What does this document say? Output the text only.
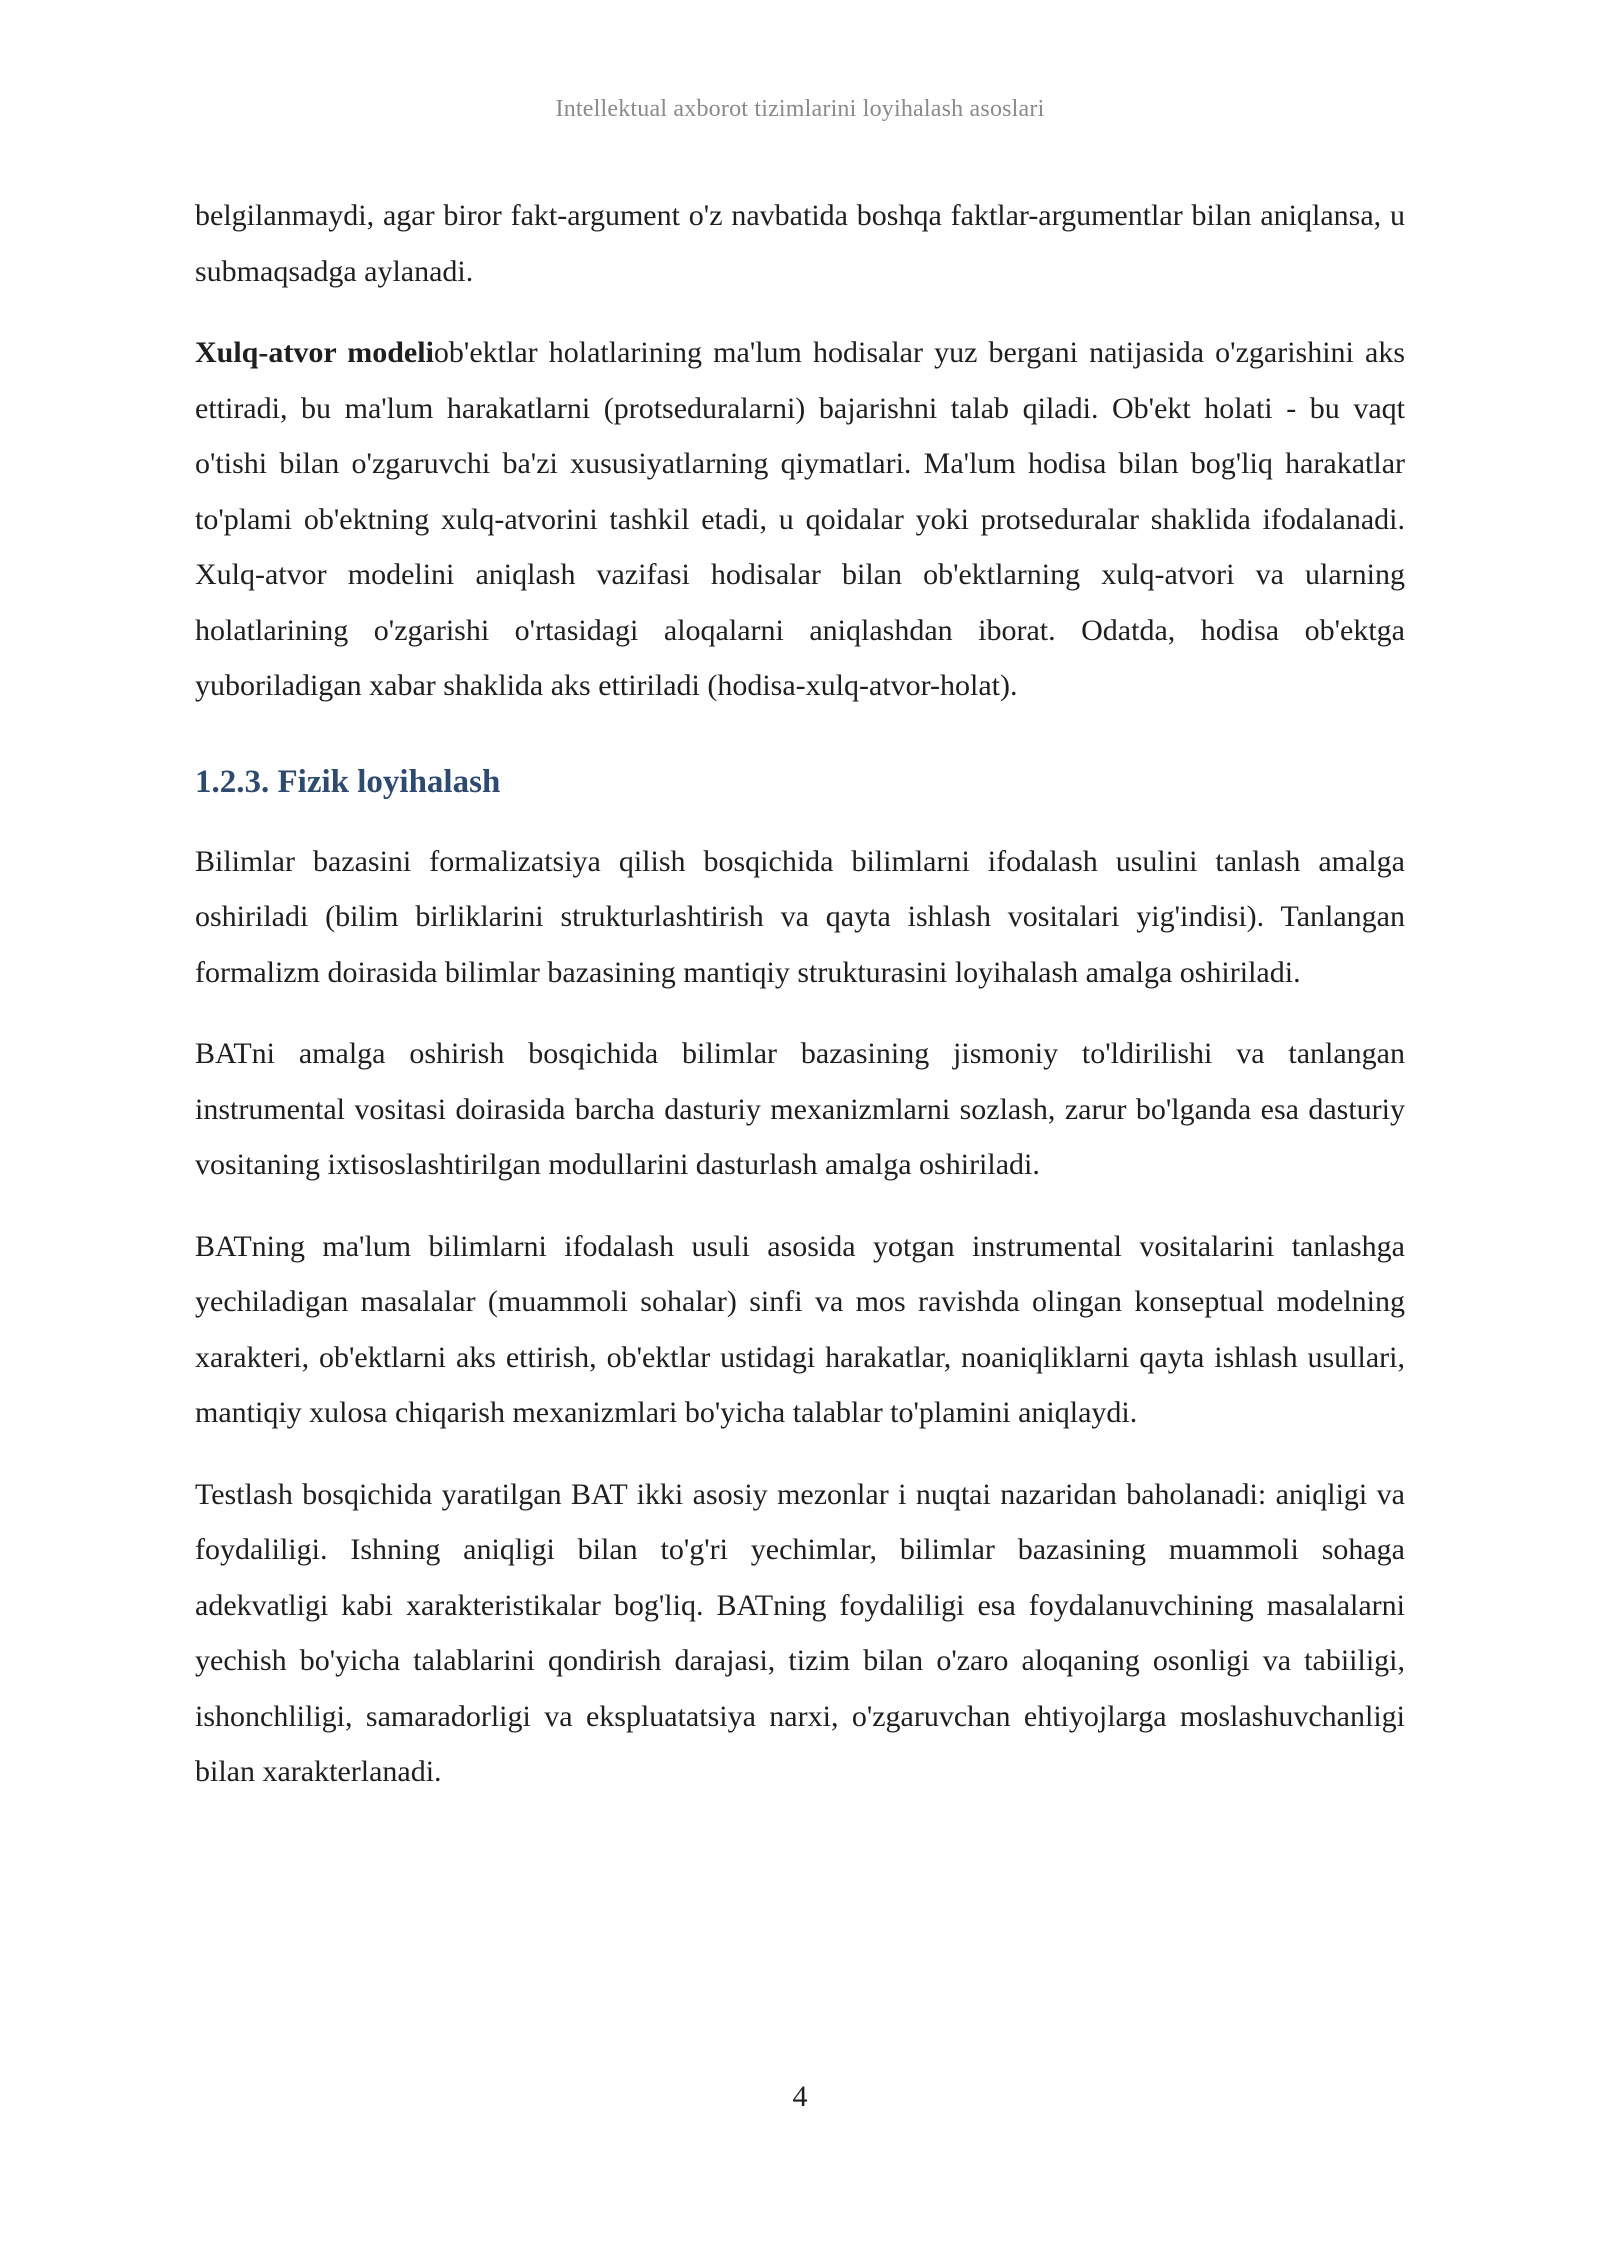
Intellektual axborot tizimlarini loyihalash asoslari

belgilanmaydi, agar biror fakt-argument o'z navbatida boshqa faktlar-argumentlar bilan aniqlansa, u submaqsadga aylanadi.

Xulq-atvor modeliob'ektlar holatlarining ma'lum hodisalar yuz bergani natijasida o'zgarishini aks ettiradi, bu ma'lum harakatlarni (protseduralarni) bajarishni talab qiladi. Ob'ekt holati - bu vaqt o'tishi bilan o'zgaruvchi ba'zi xususiyatlarning qiymatlari. Ma'lum hodisa bilan bog'liq harakatlar to'plami ob'ektning xulq-atvorini tashkil etadi, u qoidalar yoki protseduralar shaklida ifodalanadi. Xulq-atvor modelini aniqlash vazifasi hodisalar bilan ob'ektlarning xulq-atvori va ularning holatlarining o'zgarishi o'rtasidagi aloqalarni aniqlashdan iborat. Odatda, hodisa ob'ektga yuboriladigan xabar shaklida aks ettiriladi (hodisa-xulq-atvor-holat).

1.2.3. Fizik loyihalash

Bilimlar bazasini formalizatsiya qilish bosqichida bilimlarni ifodalash usulini tanlash amalga oshiriladi (bilim birliklarini strukturlashtirish va qayta ishlash vositalari yig'indisi). Tanlangan formalizm doirasida bilimlar bazasining mantiqiy strukturasini loyihalash amalga oshiriladi.

BATni amalga oshirish bosqichida bilimlar bazasining jismoniy to'ldirilishi va tanlangan instrumental vositasi doirasida barcha dasturiy mexanizmlarni sozlash, zarur bo'lganda esa dasturiy vositaning ixtisoslashtirilgan modullarini dasturlash amalga oshiriladi.

BATning ma'lum bilimlarni ifodalash usuli asosida yotgan instrumental vositalarini tanlashga yechiladigan masalalar (muammoli sohalar) sinfi va mos ravishda olingan konseptual modelning xarakteri, ob'ektlarni aks ettirish, ob'ektlar ustidagi harakatlar, noaniqliklarni qayta ishlash usullari, mantiqiy xulosa chiqarish mexanizmlari bo'yicha talablar to'plamini aniqlaydi.

Testlash bosqichida yaratilgan BAT ikki asosiy mezonlar i nuqtai nazaridan baholanadi: aniqligi va foydaliligi. Ishning aniqligi bilan to'g'ri yechimlar, bilimlar bazasining muammoli sohaga adekvatligi kabi xarakteristikalar bog'liq. BATning foydaliligi esa foydalanuvchining masalalarni yechish bo'yicha talablarini qondirish darajasi, tizim bilan o'zaro aloqaning osonligi va tabiiligi, ishonchliligi, samaradorligi va ekspluatatsiya narxi, o'zgaruvchan ehtiyojlarga moslashuvchanligi bilan xarakterlanadi.

4
